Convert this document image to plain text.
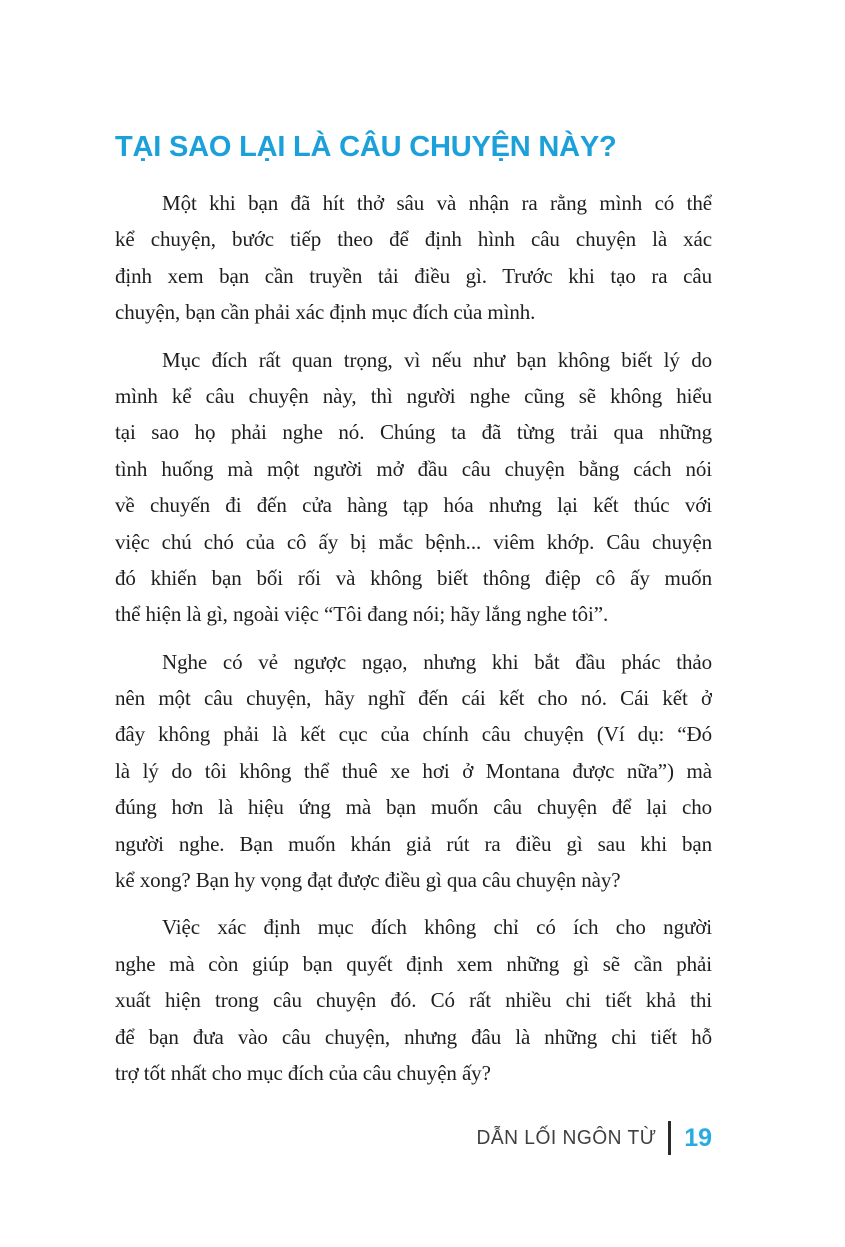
TẠI SAO LẠI LÀ CÂU CHUYỆN NÀY?
Một khi bạn đã hít thở sâu và nhận ra rằng mình có thể
kể chuyện, bước tiếp theo để định hình câu chuyện là xác
định xem bạn cần truyền tải điều gì. Trước khi tạo ra câu
chuyện, bạn cần phải xác định mục đích của mình.
Mục đích rất quan trọng, vì nếu như bạn không biết lý do
mình kể câu chuyện này, thì người nghe cũng sẽ không hiểu
tại sao họ phải nghe nó. Chúng ta đã từng trải qua những
tình huống mà một người mở đầu câu chuyện bằng cách nói
về chuyến đi đến cửa hàng tạp hóa nhưng lại kết thúc với
việc chú chó của cô ấy bị mắc bệnh... viêm khớp. Câu chuyện
đó khiến bạn bối rối và không biết thông điệp cô ấy muốn
thể hiện là gì, ngoài việc “Tôi đang nói; hãy lắng nghe tôi”.
Nghe có vẻ ngược ngạo, nhưng khi bắt đầu phác thảo
nên một câu chuyện, hãy nghĩ đến cái kết cho nó. Cái kết ở
đây không phải là kết cục của chính câu chuyện (Ví dụ: “Đó
là lý do tôi không thể thuê xe hơi ở Montana được nữa”) mà
đúng hơn là hiệu ứng mà bạn muốn câu chuyện để lại cho
người nghe. Bạn muốn khán giả rút ra điều gì sau khi bạn
kể xong? Bạn hy vọng đạt được điều gì qua câu chuyện này?
Việc xác định mục đích không chỉ có ích cho người
nghe mà còn giúp bạn quyết định xem những gì sẽ cần phải
xuất hiện trong câu chuyện đó. Có rất nhiều chi tiết khả thi
để bạn đưa vào câu chuyện, nhưng đâu là những chi tiết hỗ
trợ tốt nhất cho mục đích của câu chuyện ấy?
DẪN LỐI NGÔN TỪ 19
